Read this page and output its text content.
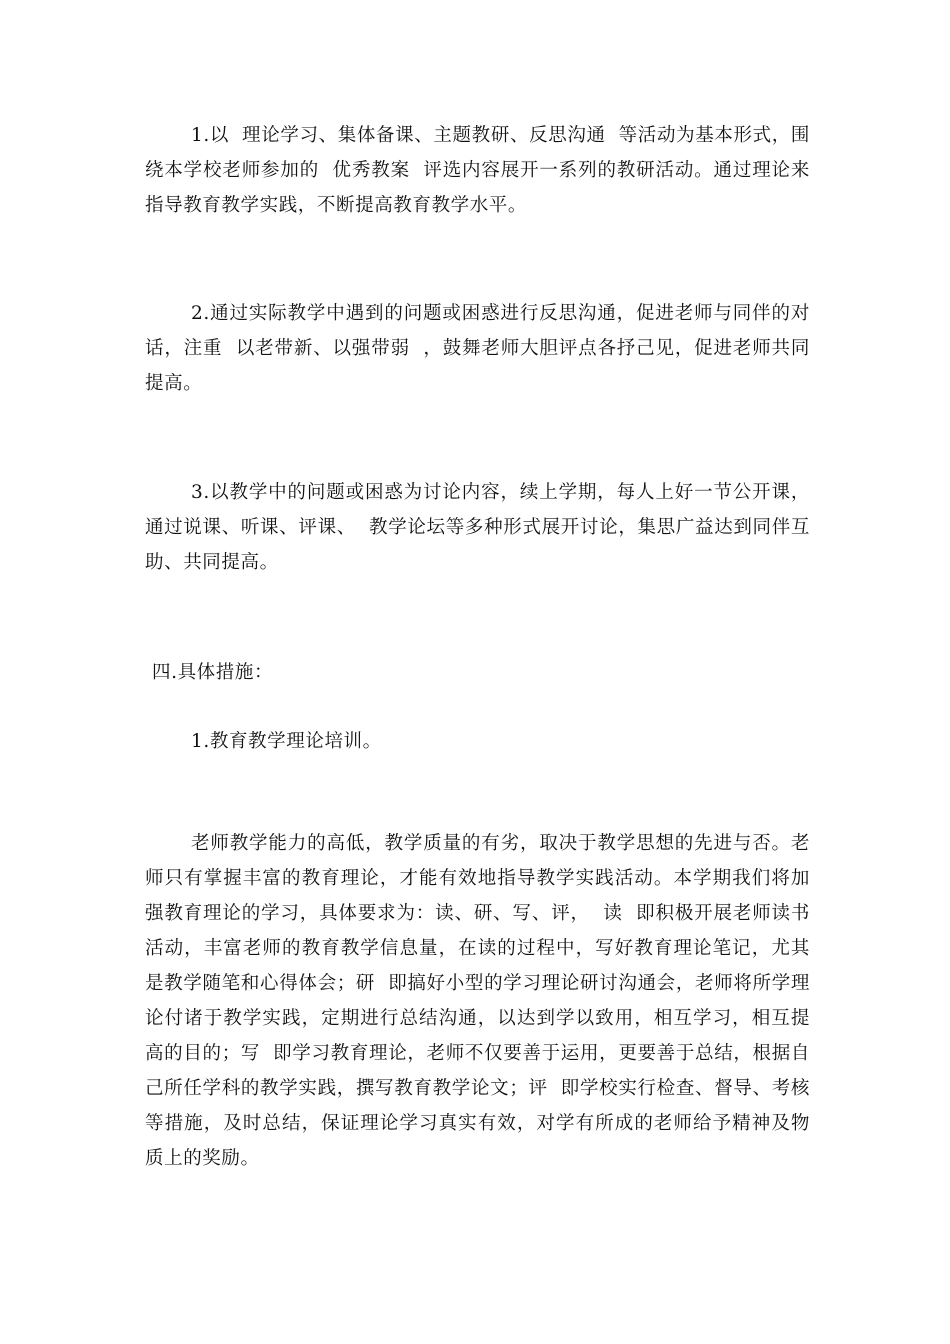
1.以  理论学习、集体备课、主题教研、反思沟通  等活动为基本形式，围绕本学校老师参加的  优秀教案  评选内容展开一系列的教研活动。通过理论来指导教育教学实践，不断提高教育教学水平。

2.通过实际教学中遇到的问题或困惑进行反思沟通，促进老师与同伴的对话，注重  以老带新、以强带弱  ，鼓舞老师大胆评点各抒己见，促进老师共同提高。

3.以教学中的问题或困惑为讨论内容，续上学期，每人上好一节公开课，通过说课、听课、评课、  教学论坛等多种形式展开讨论，集思广益达到同伴互助、共同提高。

四.具体措施：

1.教育教学理论培训。

老师教学能力的高低，教学质量的有劣，取决于教学思想的先进与否。老师只有掌握丰富的教育理论，才能有效地指导教学实践活动。本学期我们将加强教育理论的学习，具体要求为：读、研、写、评，  读  即积极开展老师读书活动，丰富老师的教育教学信息量，在读的过程中，写好教育理论笔记，尤其是教学随笔和心得体会；研  即搞好小型的学习理论研讨沟通会，老师将所学理论付诸于教学实践，定期进行总结沟通，以达到学以致用，相互学习，相互提高的目的；写  即学习教育理论，老师不仅要善于运用，更要善于总结，根据自己所任学科的教学实践，撰写教育教学论文；评  即学校实行检查、督导、考核等措施，及时总结，保证理论学习真实有效，对学有所成的老师给予精神及物质上的奖励。
